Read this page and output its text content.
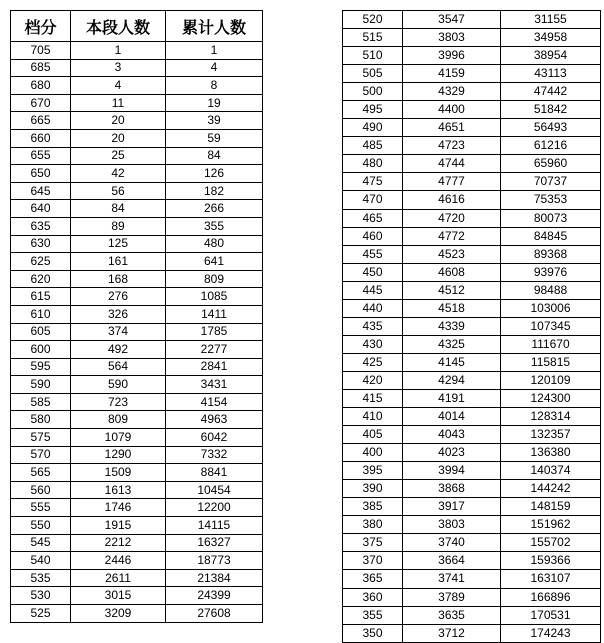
档分	本段人数	累计人数
705	1	1
685	3	4
680	4	8
670	11	19
665	20	39
660	20	59
655	25	84
650	42	126
645	56	182
640	84	266
635	89	355
630	125	480
625	161	641
620	168	809
615	276	1085
610	326	1411
605	374	1785
600	492	2277
595	564	2841
590	590	3431
585	723	4154
580	809	4963
575	1079	6042
570	1290	7332
565	1509	8841
560	1613	10454
555	1746	12200
550	1915	14115
545	2212	16327
540	2446	18773
535	2611	21384
530	3015	24399
525	3209	27608
520	3547	31155
515	3803	34958
510	3996	38954
505	4159	43113
500	4329	47442
495	4400	51842
490	4651	56493
485	4723	61216
480	4744	65960
475	4777	70737
470	4616	75353
465	4720	80073
460	4772	84845
455	4523	89368
450	4608	93976
445	4512	98488
440	4518	103006
435	4339	107345
430	4325	111670
425	4145	115815
420	4294	120109
415	4191	124300
410	4014	128314
405	4043	132357
400	4023	136380
395	3994	140374
390	3868	144242
385	3917	148159
380	3803	151962
375	3740	155702
370	3664	159366
365	3741	163107
360	3789	166896
355	3635	170531
350	3712	174243
